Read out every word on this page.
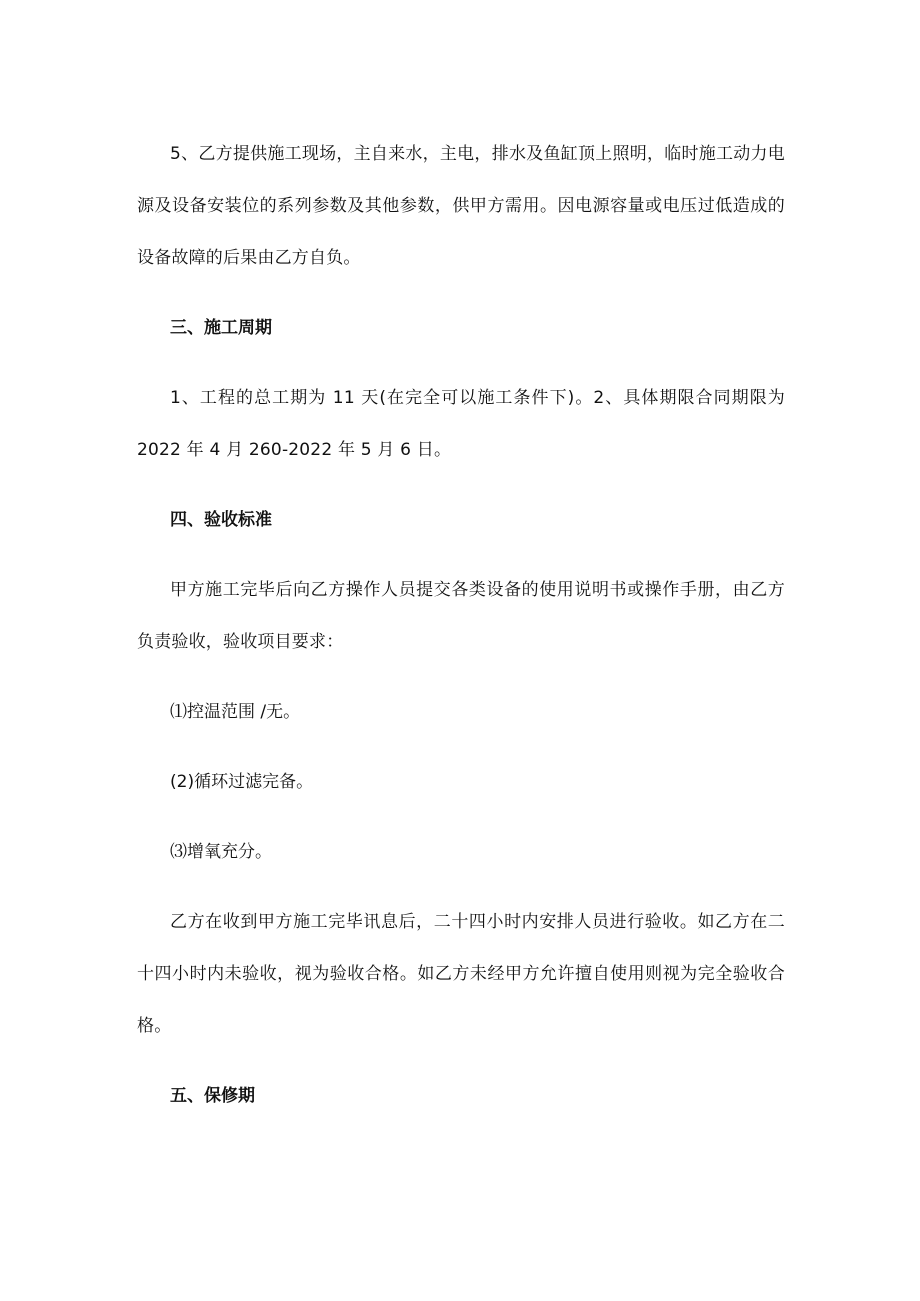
5、乙方提供施工现场，主自来水，主电，排水及鱼缸顶上照明，临时施工动力电源及设备安装位的系列参数及其他参数，供甲方需用。因电源容量或电压过低造成的设备故障的后果由乙方自负。

三、施工周期

1、工程的总工期为 11 天(在完全可以施工条件下)。2、具体期限合同期限为 2022 年 4 月 260-2022 年 5 月 6 日。

四、验收标准

甲方施工完毕后向乙方操作人员提交各类设备的使用说明书或操作手册，由乙方负责验收，验收项目要求：

⑴控温范围 /无。

(2)循环过滤完备。

⑶增氧充分。

乙方在收到甲方施工完毕讯息后，二十四小时内安排人员进行验收。如乙方在二十四小时内未验收，视为验收合格。如乙方未经甲方允许擅自使用则视为完全验收合格。

五、保修期
